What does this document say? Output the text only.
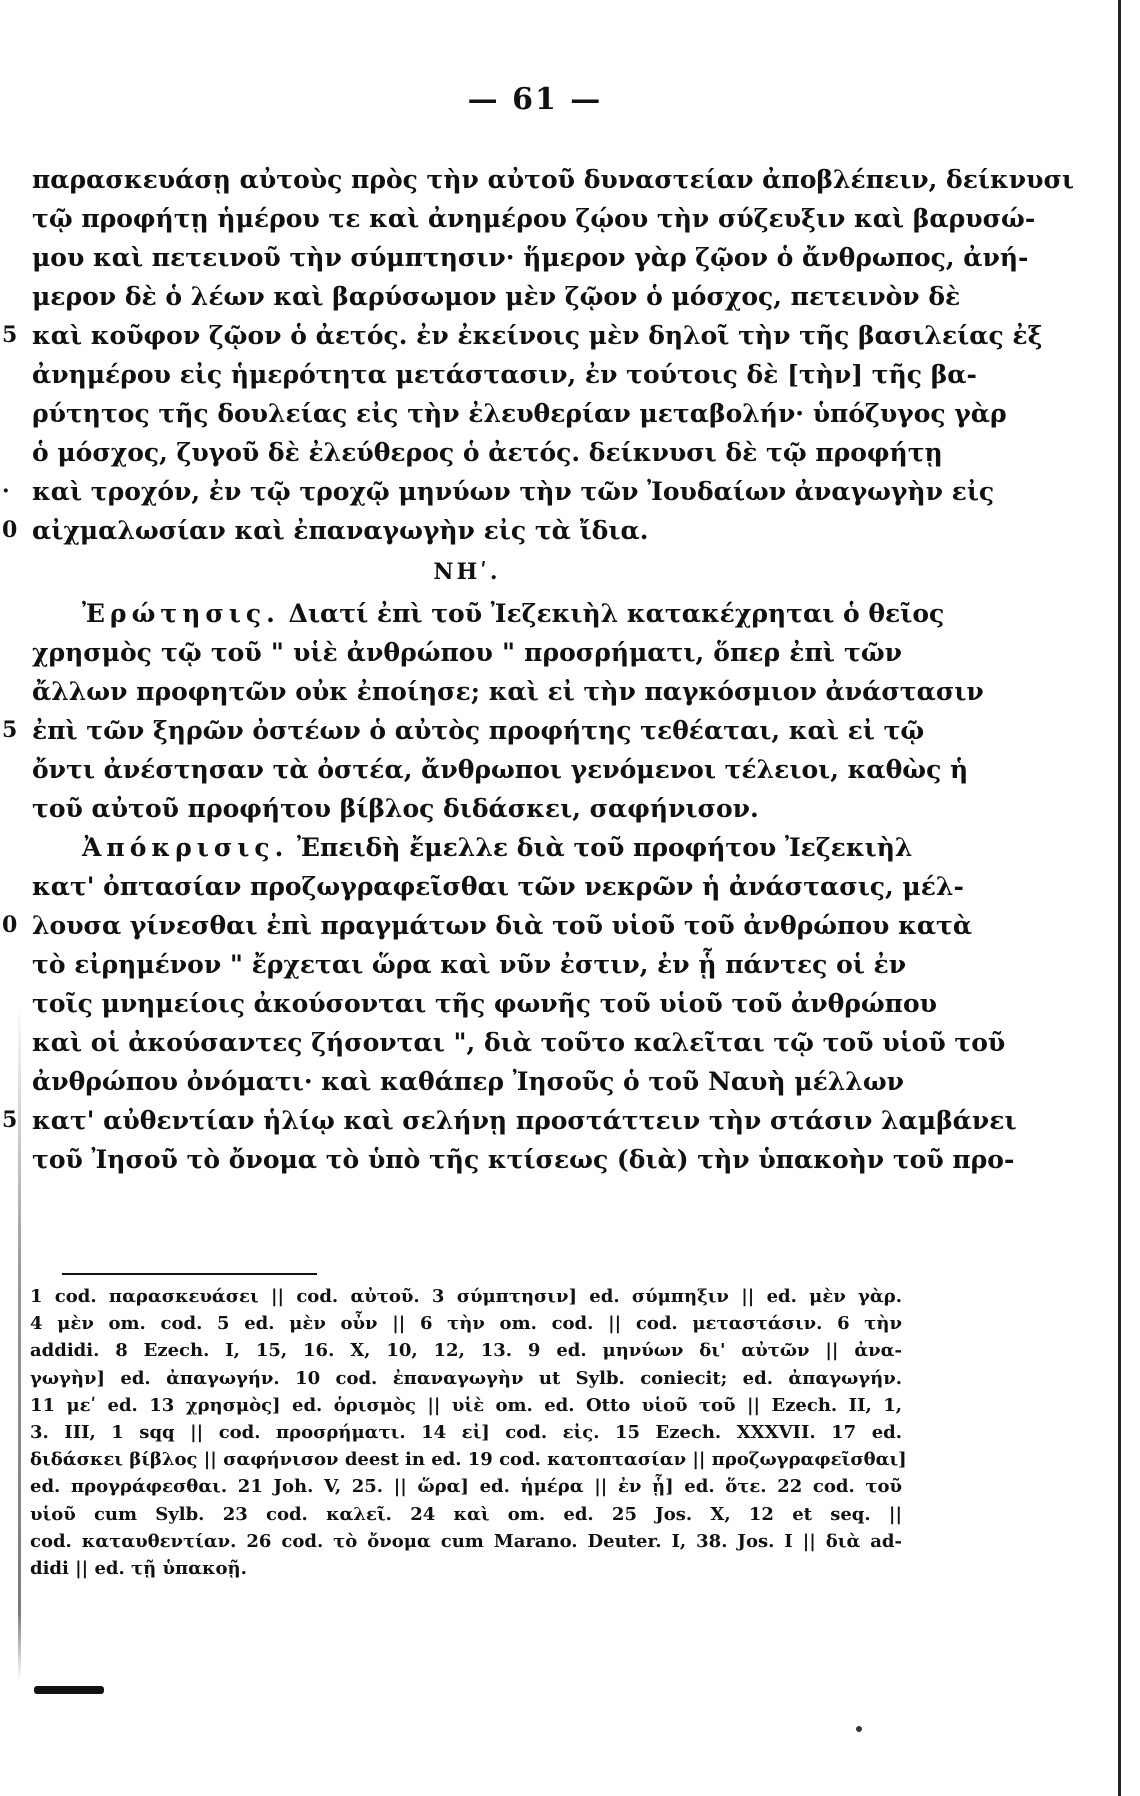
— 61 —
παρασκευάσῃ αὐτοὺς πρὸς τὴν αὐτοῦ δυναστείαν ἀποβλέπειν, δείκνυσι
τῷ προφήτῃ ἡμέρου τε καὶ ἀνημέρου ζῴου τὴν σύζευξιν καὶ βαρυσώ-
μου καὶ πετεινοῦ τὴν σύμπτησιν· ἥμερον γὰρ ζῷον ὁ ἄνθρωπος, ἀνή-
μερον δὲ ὁ λέων καὶ βαρύσωμον μὲν ζῷον ὁ μόσχος, πετεινὸν δὲ
5 καὶ κοῦφον ζῷον ὁ ἀετός. ἐν ἐκείνοις μὲν δηλοῖ τὴν τῆς βασιλείας ἐξ
ἀνημέρου εἰς ἡμερότητα μετάστασιν, ἐν τούτοις δὲ [τὴν] τῆς βα-
ρύτητος τῆς δουλείας εἰς τὴν ἐλευθερίαν μεταβολήν· ὑπόζυγος γὰρ
ὁ μόσχος, ζυγοῦ δὲ ἐλεύθερος ὁ ἀετός. δείκνυσι δὲ τῷ προφήτῃ
· καὶ τροχόν, ἐν τῷ τροχῷ μηνύων τὴν τῶν Ἰουδαίων ἀναγωγὴν εἰς
0 αἰχμαλωσίαν καὶ ἐπαναγωγὴν εἰς τὰ ἴδια.
ΝΗʹ.
Ἐρώτησις. Διατί ἐπὶ τοῦ Ἰεζεκιὴλ κατακέχρηται ὁ θεῖος
χρησμὸς τῷ τοῦ " υἱὲ ἀνθρώπου " προσρήματι, ὅπερ ἐπὶ τῶν
ἄλλων προφητῶν οὐκ ἐποίησε; καὶ εἰ τὴν παγκόσμιον ἀνάστασιν
5 ἐπὶ τῶν ξηρῶν ὀστέων ὁ αὐτὸς προφήτης τεθέαται, καὶ εἰ τῷ
ὄντι ἀνέστησαν τὰ ὀστέα, ἄνθρωποι γενόμενοι τέλειοι, καθὼς ἡ
τοῦ αὐτοῦ προφήτου βίβλος διδάσκει, σαφήνισον.
Ἀπόκρισις. Ἐπειδὴ ἔμελλε διὰ τοῦ προφήτου Ἰεζεκιὴλ
κατ' ὀπτασίαν προζωγραφεῖσθαι τῶν νεκρῶν ἡ ἀνάστασις, μέλ-
0 λουσα γίνεσθαι ἐπὶ πραγμάτων διὰ τοῦ υἱοῦ τοῦ ἀνθρώπου κατὰ
τὸ εἰρημένον " ἔρχεται ὥρα καὶ νῦν ἐστιν, ἐν ᾗ πάντες οἱ ἐν
τοῖς μνημείοις ἀκούσονται τῆς φωνῆς τοῦ υἱοῦ τοῦ ἀνθρώπου
καὶ οἱ ἀκούσαντες ζήσονται ", διὰ τοῦτο καλεῖται τῷ τοῦ υἱοῦ τοῦ
ἀνθρώπου ὀνόματι· καὶ καθάπερ Ἰησοῦς ὁ τοῦ Ναυὴ μέλλων
5 κατ' αὐθεντίαν ἡλίῳ καὶ σελήνῃ προστάττειν τὴν στάσιν λαμβάνει
τοῦ Ἰησοῦ τὸ ὄνομα τὸ ὑπὸ τῆς κτίσεως (διὰ) τὴν ὑπακοὴν τοῦ προ-
1 cod. παρασκευάσει || cod. αὐτοῦ. 3 σύμπτησιν] ed. σύμπηξιν || ed. μὲν γὰρ.
4 μὲν om. cod. 5 ed. μὲν οὖν || 6 τὴν om. cod. || cod. μεταστάσιν. 6 τὴν
addidi. 8 Ezech. I, 15, 16. X, 10, 12, 13. 9 ed. μηνύων δι' αὐτῶν || ἀνα-
γωγὴν] ed. ἀπαγωγήν. 10 cod. ἐπαναγωγὴν ut Sylb. coniecit; ed. ἀπαγωγήν.
11 μεʹ ed. 13 χρησμὸς] ed. ὁρισμὸς || υἱὲ om. ed. Otto υἱοῦ τοῦ || Ezech. II, 1,
3. III, 1 sqq || cod. προσρήματι. 14 εἰ] cod. εἰς. 15 Ezech. XXXVII. 17 ed.
διδάσκει βίβλος || σαφήνισον deest in ed. 19 cod. κατοπτασίαν || προζωγραφεῖσθαι]
ed. προγράφεσθαι. 21 Joh. V, 25. || ὥρα] ed. ἡμέρα || ἐν ᾗ] ed. ὅτε. 22 cod. τοῦ
υἱοῦ cum Sylb. 23 cod. καλεῖ. 24 καὶ om. ed. 25 Jos. X, 12 et seq. ||
cod. καταυθεντίαν. 26 cod. τὸ ὄνομα cum Marano. Deuter. I, 38. Jos. I || διὰ ad-
didi || ed. τῇ ὑπακοῇ.
